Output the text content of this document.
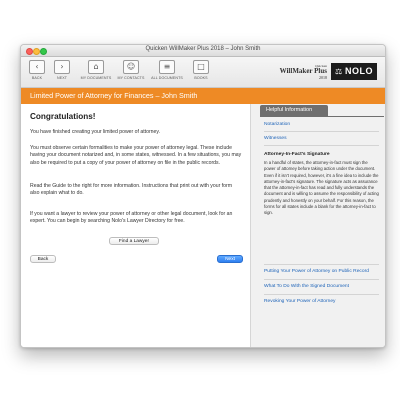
Quicken WillMaker Plus 2018 – John Smith
‹
BACK
›
NEXT
⌂
MY DOCUMENTS
☺
MY CONTACTS
≡
ALL DOCUMENTS
□
BOOKS
Quicken
WillMaker Plus
2018
⚖ NOLO
Limited Power of Attorney for Finances – John Smith
Congratulations!

You have finished creating your limited power of attorney.

You must observe certain formalities to make your power of attorney legal. These include having your document notarized and, in some states, witnessed. In a few situations, you may also be required to put a copy of your power of attorney on file in the public records.

Read the Guide to the right for more information. Instructions that print out with your form also explain what to do.

If you want a lawyer to review your power of attorney or other legal document, look for an expert. You can begin by searching Nolo's Lawyer Directory for free.

Find a Lawyer
Back	Next
Helpful Information
Notarization
Witnesses
Attorney-In-Fact's Signature

In a handful of states, the attorney-in-fact must sign the power of attorney before taking action under the document. Even if it isn't required, however, it's a fine idea to include the attorney-in-fact's signature. The signature acts as assurance that the attorney-in-fact has read and fully understands the document and is willing to assume the responsibility of acting prudently and honestly on your behalf. For this reason, the forms for all states include a blank for the attorney-in-fact to sign.

Putting Your Power of Attorney on Public Record
What To Do With the Signed Document
Revoking Your Power of Attorney
